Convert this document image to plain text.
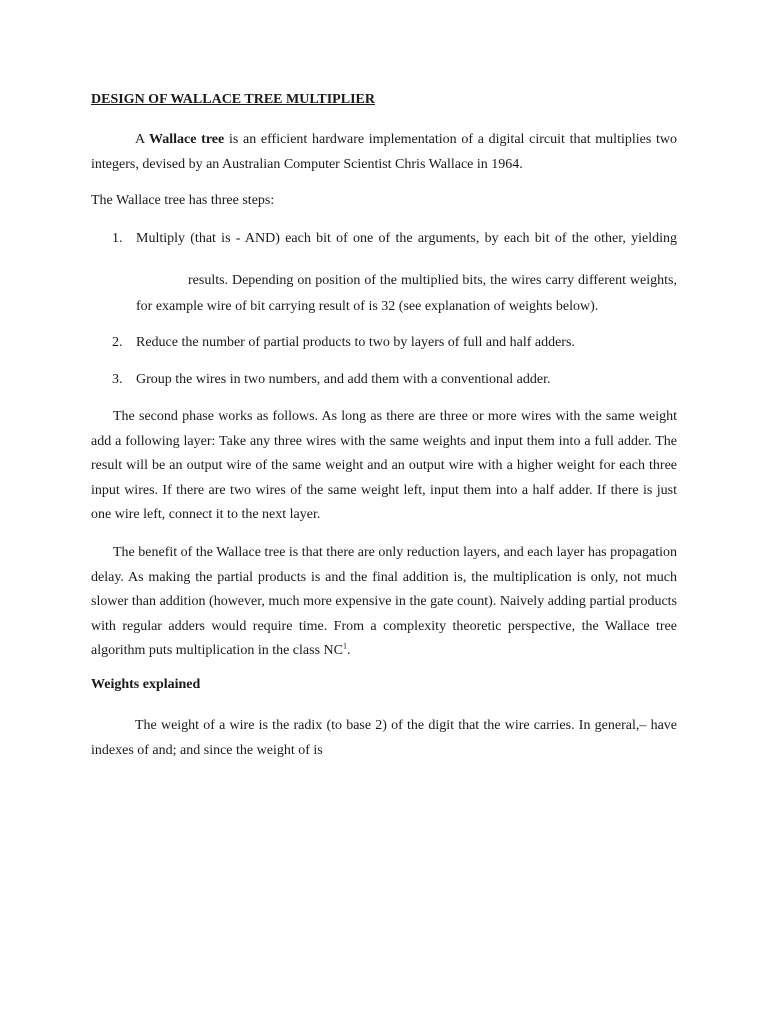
DESIGN OF WALLACE TREE MULTIPLIER

A Wallace tree is an efficient hardware implementation of a digital circuit that multiplies two integers, devised by an Australian Computer Scientist Chris Wallace in 1964.

The Wallace tree has three steps:

1. Multiply (that is - AND) each bit of one of the arguments, by each bit of the other, yielding

results. Depending on position of the multiplied bits, the wires carry different weights, for example wire of bit carrying result of is 32 (see explanation of weights below).

2. Reduce the number of partial products to two by layers of full and half adders.
3. Group the wires in two numbers, and add them with a conventional adder.

The second phase works as follows. As long as there are three or more wires with the same weight add a following layer: Take any three wires with the same weights and input them into a full adder. The result will be an output wire of the same weight and an output wire with a higher weight for each three input wires. If there are two wires of the same weight left, input them into a half adder. If there is just one wire left, connect it to the next layer.

The benefit of the Wallace tree is that there are only reduction layers, and each layer has propagation delay. As making the partial products is and the final addition is, the multiplication is only, not much slower than addition (however, much more expensive in the gate count). Naively adding partial products with regular adders would require time. From a complexity theoretic perspective, the Wallace tree algorithm puts multiplication in the class $NC^1$.

Weights explained

The weight of a wire is the radix (to base 2) of the digit that the wire carries. In general,– have indexes of and; and since the weight of is
